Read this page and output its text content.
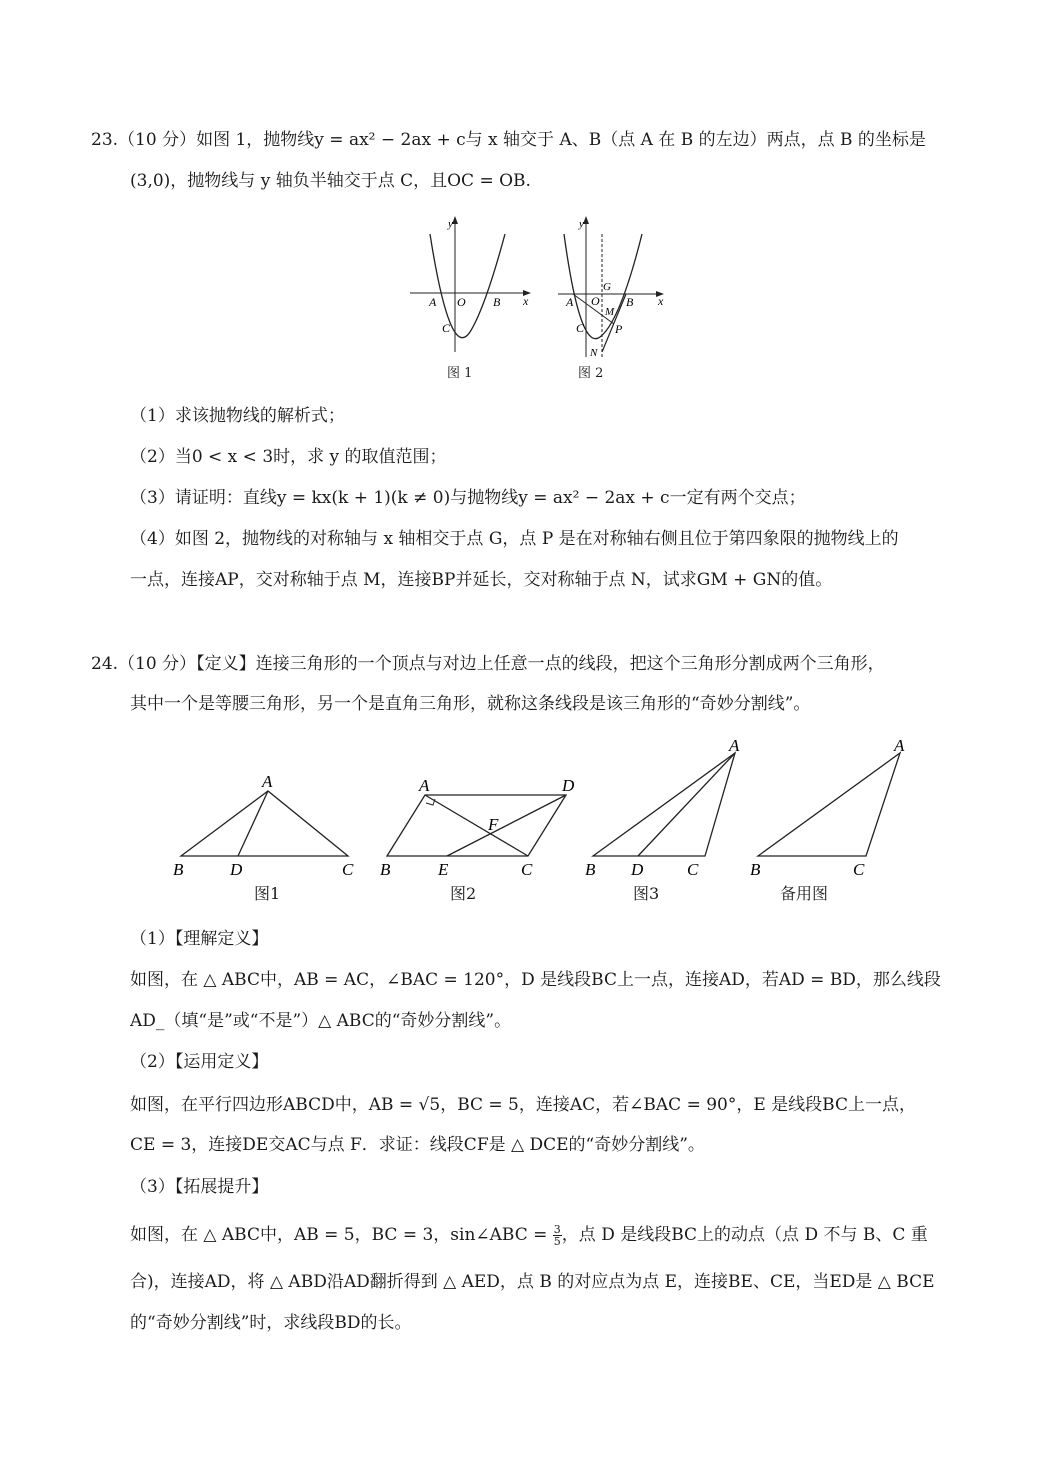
23.（10 分）如图 1，抛物线y = ax² − 2ax + c与 x 轴交于 A、B（点 A 在 B 的左边）两点，点 B 的坐标是
(3,0)，抛物线与 y 轴负半轴交于点 C，且OC = OB.
y
x
A O B
C
图 1
y
x
A O
G
B
M
C	P
N
图 2
（1）求该抛物线的解析式；
（2）当0 < x < 3时，求 y 的取值范围；
（3）请证明：直线y = kx(k + 1)(k ≠ 0)与抛物线y = ax² − 2ax + c一定有两个交点；
（4）如图 2，抛物线的对称轴与 x 轴相交于点 G，点 P 是在对称轴右侧且位于第四象限的抛物线上的
一点，连接AP，交对称轴于点 M，连接BP并延长，交对称轴于点 N，试求GM + GN的值。
24.（10 分）【定义】连接三角形的一个顶点与对边上任意一点的线段，把这个三角形分割成两个三角形，
其中一个是等腰三角形，另一个是直角三角形，就称这条线段是该三角形的“奇妙分割线”。
A
B	D	C
A	D
F
B	E	C
A
B D	C
A
B	C
图1	图2	图3	备用图
（1）【理解定义】
如图，在 △ ABC中，AB = AC，∠BAC = 120°，D 是线段BC上一点，连接AD，若AD = BD，那么线段
AD_（填“是”或“不是”）△ ABC的“奇妙分割线”。
（2）【运用定义】
如图，在平行四边形ABCD中，AB = √5，BC = 5，连接AC，若∠BAC = 90°，E 是线段BC上一点，
CE = 3，连接DE交AC与点 F．求证：线段CF是 △ DCE的“奇妙分割线”。
（3）【拓展提升】
如图，在 △ ABC中，AB = 5，BC = 3，sin∠ABC = $\frac{3}{5}$ ，点 D 是线段BC上的动点（点 D 不与 B、C 重
合)，连接AD，将 △ ABD沿AD翻折得到 △ AED，点 B 的对应点为点 E，连接BE、CE，当ED是 △ BCE
的“奇妙分割线”时，求线段BD的长。
